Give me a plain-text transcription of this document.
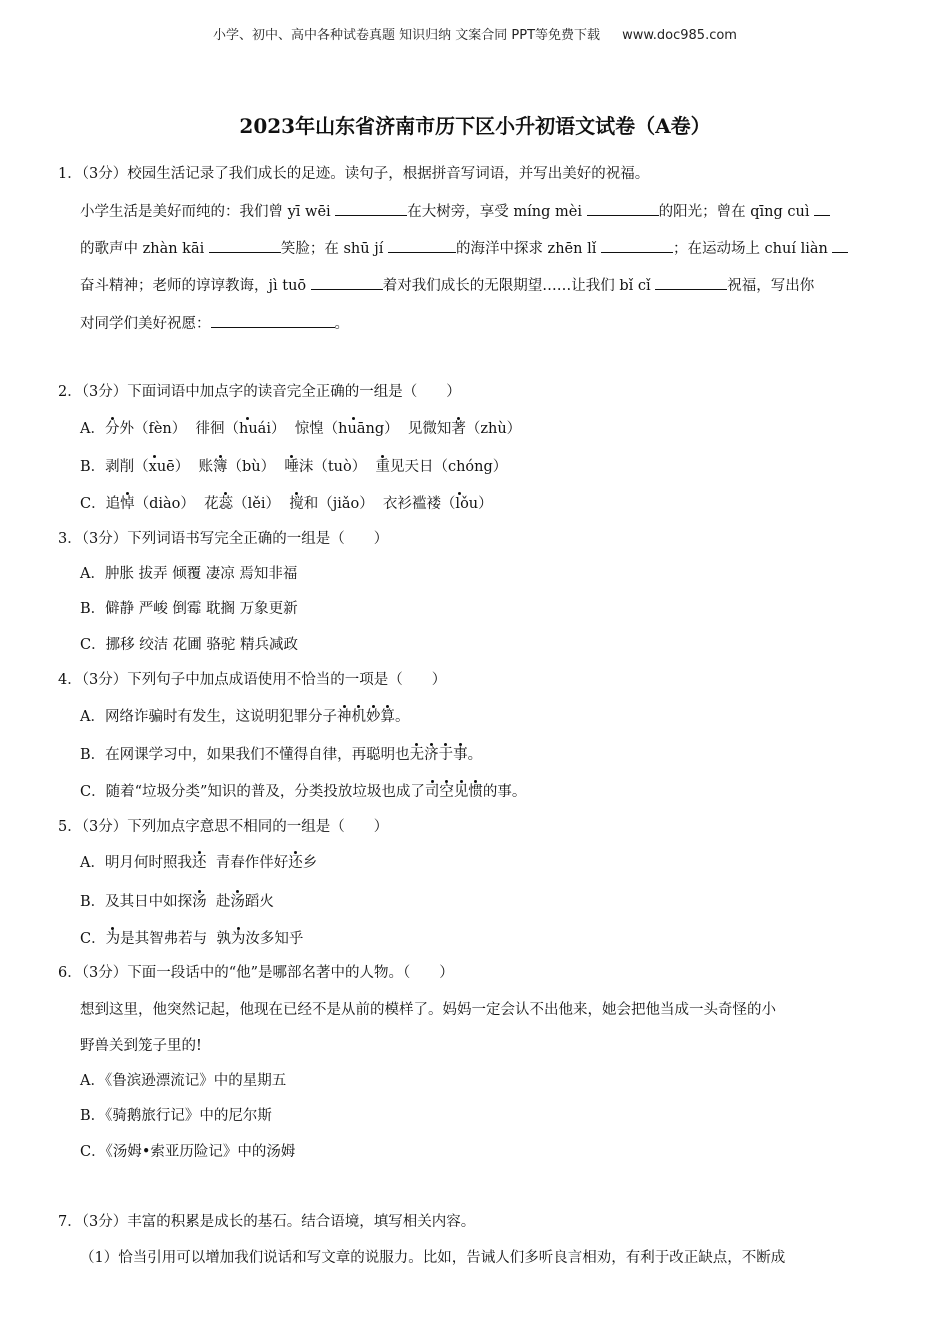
小学、初中、高中各种试卷真题 知识归纳 文案合同 PPT等免费下载 www.doc985.com
2023年山东省济南市历下区小升初语文试卷（A卷）
1．（3分）校园生活记录了我们成长的足迹。读句子，根据拼音写词语，并写出美好的祝福。
小学生活是美好而纯的：我们曾 yī wēi	在大树旁，享受 míng mèi	的阳光；曾在 qīng cuì
的歌声中 zhàn kāi	笑脸；在 shū jí	的海洋中探求 zhēn lǐ	；在运动场上 chuí liàn
奋斗精神；老师的谆谆教诲，jì tuō	着对我们成长的无限期望……让我们 bǐ cǐ	祝福，写出你
对同学们美好祝愿：	。
2．（3分）下面词语中加点字的读音完全正确的一组是（　　）
A．分外（fèn） 徘徊（huái） 惊惶（huāng） 见微知著（zhù）
B．剥削（xuē） 账簿（bù） 唾沫（tuò） 重见天日（chóng）
C．追悼（diào） 花蕊（lěi） 搅和（jiǎo） 衣衫褴褛（lǒu）
3．（3分）下列词语书写完全正确的一组是（　　）
A．肿胀 拔弄 倾覆 凄凉 焉知非福
B．僻静 严峻 倒霉 耽搁 万象更新
C．挪移 绞洁 花圃 骆驼 精兵减政
4．（3分）下列句子中加点成语使用不恰当的一项是（　　）
A．网络诈骗时有发生，这说明犯罪分子神机妙算。
B．在网课学习中，如果我们不懂得自律，再聪明也无济于事。
C．随着“垃圾分类”知识的普及，分类投放垃圾也成了司空见惯的事。
5．（3分）下列加点字意思不相同的一组是（　　）
A．明月何时照我还  青春作伴好还乡
B．及其日中如探汤  赴汤蹈火
C．为是其智弗若与  孰为汝多知乎
6．（3分）下面一段话中的“他”是哪部名著中的人物。（　　）
想到这里，他突然记起，他现在已经不是从前的模样了。妈妈一定会认不出他来，她会把他当成一头奇怪的小
野兽关到笼子里的!
A．《鲁滨逊漂流记》中的星期五
B．《骑鹅旅行记》中的尼尔斯
C．《汤姆•索亚历险记》中的汤姆
7．（3分）丰富的积累是成长的基石。结合语境，填写相关内容。
（1）恰当引用可以增加我们说话和写文章的说服力。比如，告诫人们多听良言相劝，有利于改正缺点，不断成
